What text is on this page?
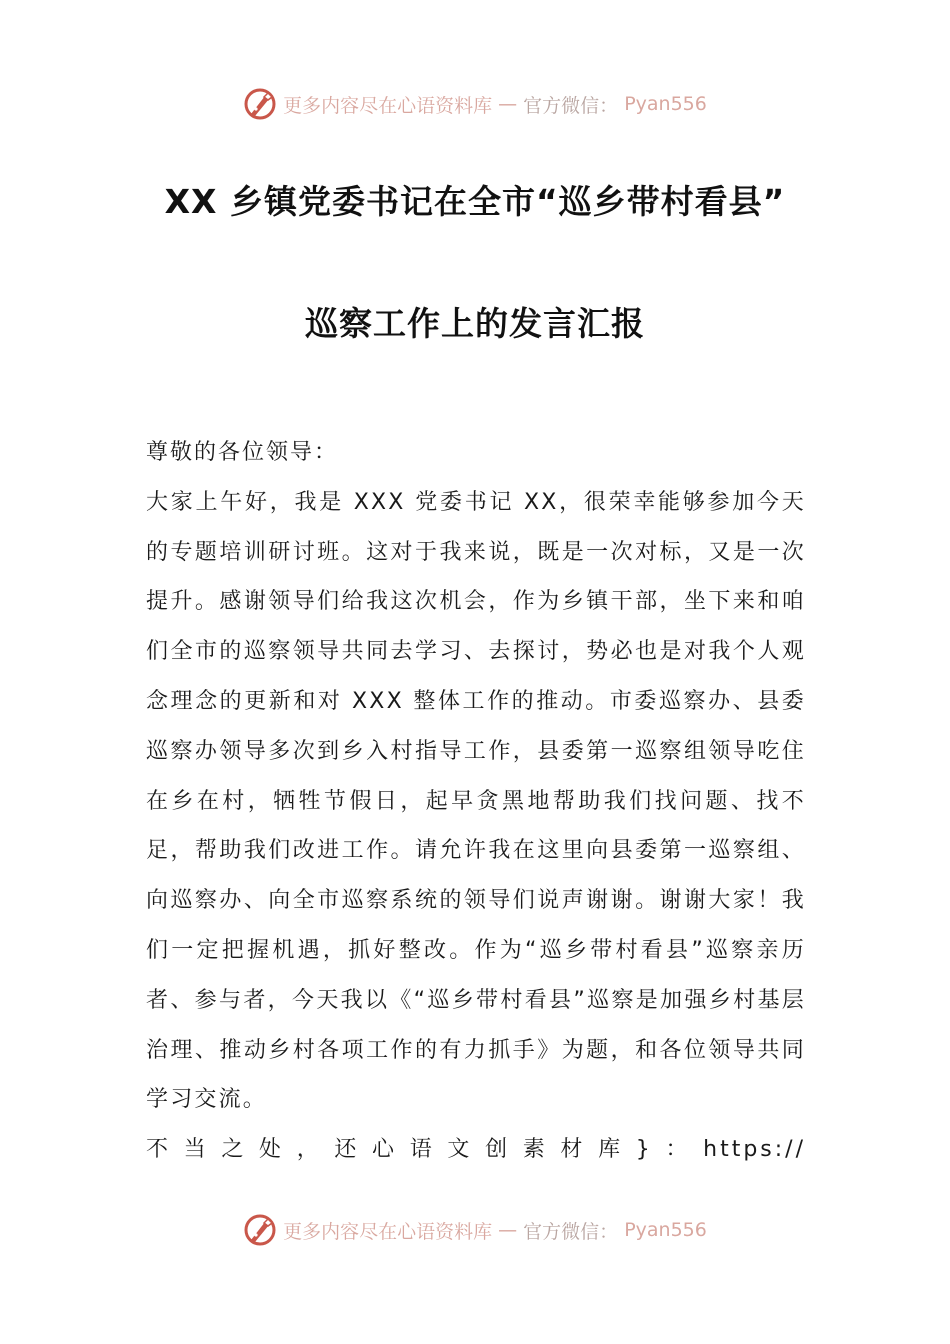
更多内容尽在心语资料库 — 官方微信： Pyan556
XX 乡镇党委书记在全市“巡乡带村看县”
巡察工作上的发言汇报

尊敬的各位领导：

大家上午好，我是 XXX 党委书记 XX，很荣幸能够参加今天的专题培训研讨班。这对于我来说，既是一次对标，又是一次提升。感谢领导们给我这次机会，作为乡镇干部，坐下来和咱们全市的巡察领导共同去学习、去探讨，势必也是对我个人观念理念的更新和对 XXX 整体工作的推动。市委巡察办、县委巡察办领导多次到乡入村指导工作，县委第一巡察组领导吃住在乡在村，牺牲节假日，起早贪黑地帮助我们找问题、找不足，帮助我们改进工作。请允许我在这里向县委第一巡察组、向巡察办、向全市巡察系统的领导们说声谢谢。谢谢大家！我们一定把握机遇，抓好整改。作为“巡乡带村看县”巡察亲历者、参与者，今天我以《“巡乡带村看县”巡察是加强乡村基层治理、推动乡村各项工作的有力抓手》为题，和各位领导共同学习交流。

不当之处，还心语文创素材库}：https://

更多内容尽在心语资料库 — 官方微信： Pyan556
